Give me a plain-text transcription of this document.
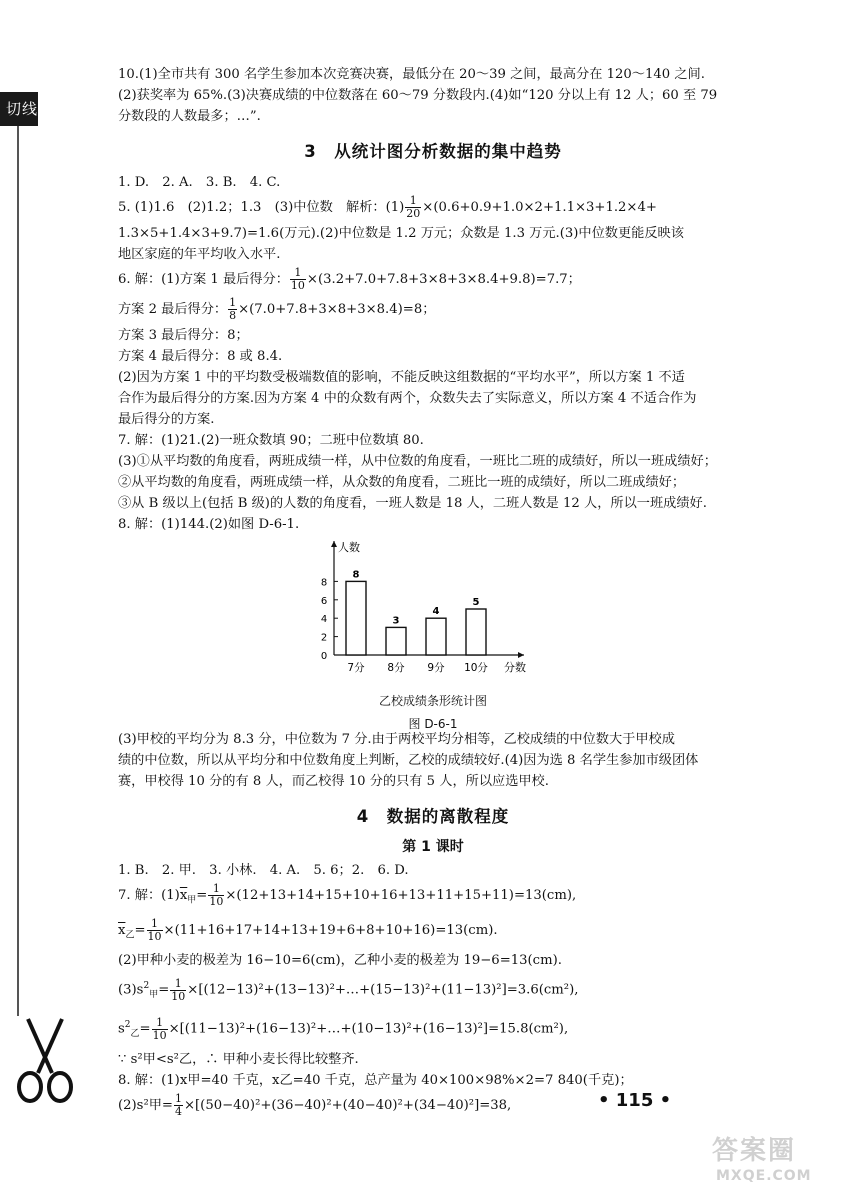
切线

10.(1)全市共有 300 名学生参加本次竞赛决赛，最低分在 20～39 之间，最高分在 120～140 之间.

(2)获奖率为 65%.(3)决赛成绩的中位数落在 60～79 分数段内.(4)如“120 分以上有 12 人；60 至 79

分数段的人数最多；…”.

3　从统计图分析数据的集中趋势

1. D.　2. A.　3. B.　4. C.

5. (1)1.6　(2)1.2；1.3　(3)中位数　解析：$(1) \frac{1}{20} \times(0.6+0.9+1.0\times 2+1.1\times 3+1.2\times 4+$

1.3×5+1.4×3+9.7)=1.6(万元).(2)中位数是 1.2 万元；众数是 1.3 万元.(3)中位数更能反映该

地区家庭的年平均收入水平.

6. 解：(1)方案 1 最后得分： $\frac{1}{10} \times(3.2+7.0+7.8+3\times 8+3\times 8.4+9.8)=7.7$；

方案 2 最后得分： $\frac{1}{8} \times(7.0+7.8+3\times 8+3\times 8.4)=8$；

方案 3 最后得分：8；

方案 4 最后得分：8 或 8.4.

(2)因为方案 1 中的平均数受极端数值的影响，不能反映这组数据的“平均水平”，所以方案 1 不适

合作为最后得分的方案.因为方案 4 中的众数有两个，众数失去了实际意义，所以方案 4 不适合作为

最后得分的方案.

7. 解：(1)21.(2)一班众数填 90；二班中位数填 80.

(3)①从平均数的角度看，两班成绩一样，从中位数的角度看，一班比二班的成绩好，所以一班成绩好；

②从平均数的角度看，两班成绩一样，从众数的角度看，二班比一班的成绩好，所以二班成绩好；

③从 B 级以上(包括 B 级)的人数的角度看，一班人数是 18 人，二班人数是 12 人，所以一班成绩好.

8. 解：(1)144.(2)如图 D-6-1.

人数
分数
0
2
4
6
8
8
7分
3
8分
4
9分
5
10分
乙校成绩条形统计图
图 D-6-1

(3)甲校的平均分为 8.3 分，中位数为 7 分.由于两校平均分相等，乙校成绩的中位数大于甲校成

绩的中位数，所以从平均分和中位数角度上判断，乙校的成绩较好.(4)因为选 8 名学生参加市级团体

赛，甲校得 10 分的有 8 人，而乙校得 10 分的只有 5 人，所以应选甲校.

4　数据的离散程度
第 1 课时

1. B.　2. 甲.　3. 小林.　4. A.　5. 6；2.　6. D.

7. 解：$(1)\overline{x}_甲= \frac{1}{10} \times(12+13+14+15+10+16+13+11+15+11)=13(cm)$,

$\overline{x}_乙= \frac{1}{10} \times(11+16+17+14+13+19+6+8+10+16)=13(cm)$.

(2)甲种小麦的极差为 16−10=6(cm)，乙种小麦的极差为 19−6=13(cm).

$(3)s^2_甲= \frac{1}{10}$ ×[(12−13)²+(13−13)²+…+(15−13)²+(11−13)²]=3.6(cm²),

$s^2_乙= \frac{1}{10}$ ×[(11−13)²+(16−13)²+…+(10−13)²+(16−13)²]=15.8(cm²),

∵ s²甲<s²乙，∴ 甲种小麦长得比较整齐.

8. 解：(1)x甲=40 千克，x乙=40 千克，总产量为 40×100×98%×2=7 840(千克)；

(2)s²甲= $\frac{1}{4} \times[(50-40)^2+(36-40)^2+(40-40)^2+(34-40)^2]=38$,	• 115 •
答案圈
MXQE.COM
